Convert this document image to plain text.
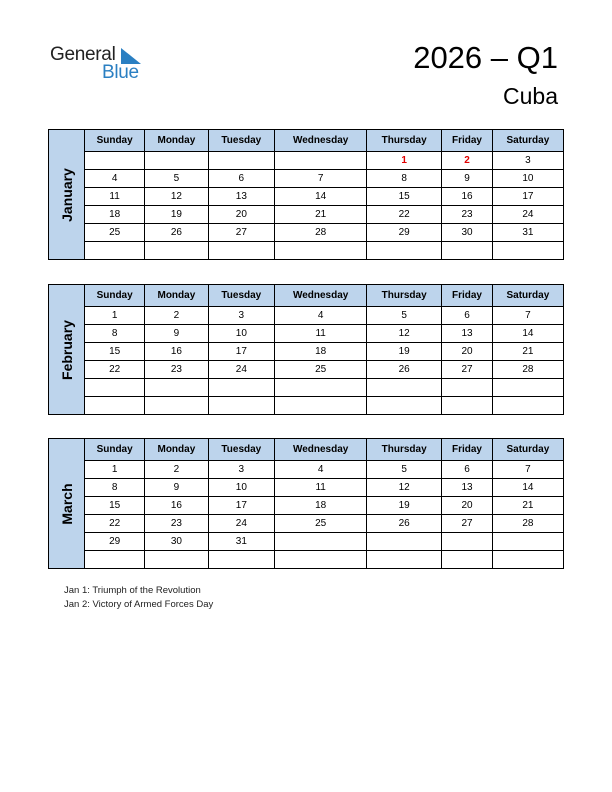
General
Blue	2026 – Q1
Cuba
January
Sunday	Monday	Tuesday	Wednesday	Thursday	Friday	Saturday
				1	2	3
4	5	6	7	8	9	10
11	12	13	14	15	16	17
18	19	20	21	22	23	24
25	26	27	28	29	30	31

February
Sunday	Monday	Tuesday	Wednesday	Thursday	Friday	Saturday
1	2	3	4	5	6	7
8	9	10	11	12	13	14
15	16	17	18	19	20	21
22	23	24	25	26	27	28

March
Sunday	Monday	Tuesday	Wednesday	Thursday	Friday	Saturday
1	2	3	4	5	6	7
8	9	10	11	12	13	14
15	16	17	18	19	20	21
22	23	24	25	26	27	28
29	30	31				

Jan 1: Triumph of the Revolution
Jan 2: Victory of Armed Forces Day
